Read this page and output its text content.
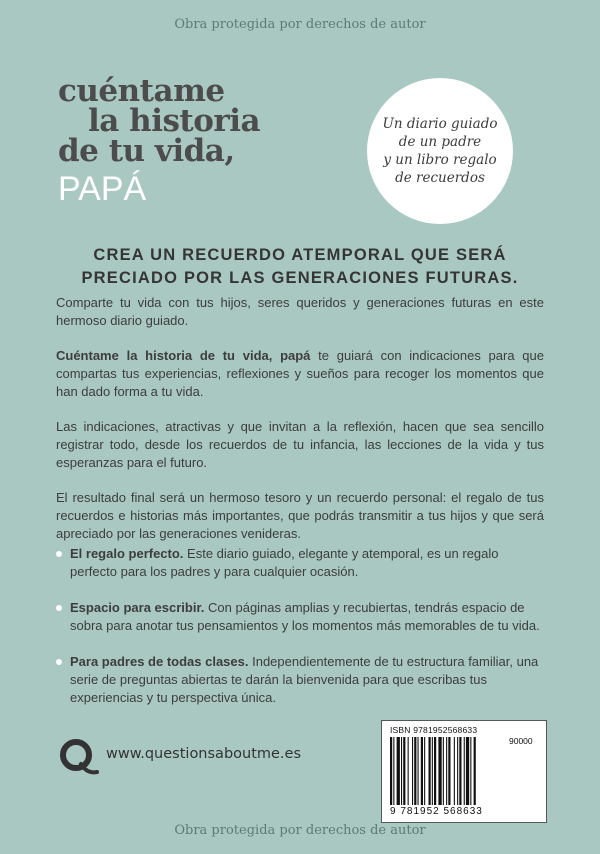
Obra protegida por derechos de autor
cuéntame
la historia
de tu vida,
PAPÁ
Un diario guiado
de un padre
y un libro regalo
de recuerdos
CREA UN RECUERDO ATEMPORAL QUE SERÁ
PRECIADO POR LAS GENERACIONES FUTURAS.

Comparte tu vida con tus hijos, seres queridos y generaciones futuras en este hermoso diario guiado.

Cuéntame la historia de tu vida, papá te guiará con indicaciones para que compartas tus experiencias, reflexiones y sueños para recoger los momentos que han dado forma a tu vida.

Las indicaciones, atractivas y que invitan a la reflexión, hacen que sea sencillo registrar todo, desde los recuerdos de tu infancia, las lecciones de la vida y tus esperanzas para el futuro.

El resultado final será un hermoso tesoro y un recuerdo personal: el regalo de tus recuerdos e historias más importantes, que podrás transmitir a tus hijos y que será apreciado por las generaciones venideras.

El regalo perfecto. Este diario guiado, elegante y atemporal, es un regalo perfecto para los padres y para cualquier ocasión.
Espacio para escribir. Con páginas amplias y recubiertas, tendrás espacio de sobra para anotar tus pensamientos y los momentos más memorables de tu vida.
Para padres de todas clases. Independientemente de tu estructura familiar, una serie de preguntas abiertas te darán la bienvenida para que escribas tus experiencias y tu perspectiva única.
www.questionsaboutme.es
ISBN 9781952568633
90000
9 781952 568633
Obra protegida por derechos de autor
